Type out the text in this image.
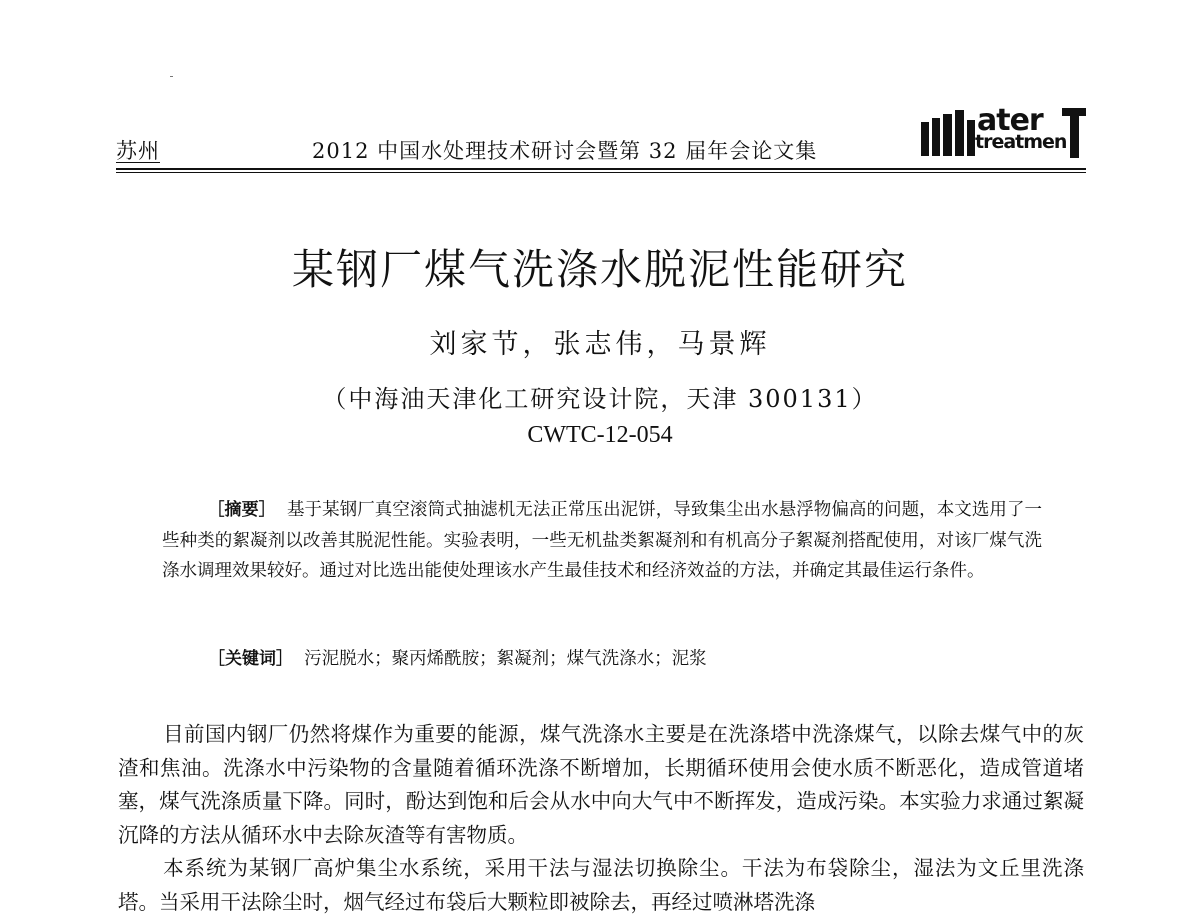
苏州	2012 中国水处理技术研讨会暨第 32 届年会论文集
ater
treatmen
某钢厂煤气洗涤水脱泥性能研究
刘家节，张志伟，马景辉
（中海油天津化工研究设计院，天津 300131）
CWTC-12-054

［摘要］ 基于某钢厂真空滚筒式抽滤机无法正常压出泥饼，导致集尘出水悬浮物偏高的问题，本文选用了一些种类的絮凝剂以改善其脱泥性能。实验表明，一些无机盐类絮凝剂和有机高分子絮凝剂搭配使用，对该厂煤气洗涤水调理效果较好。通过对比选出能使处理该水产生最佳技术和经济效益的方法，并确定其最佳运行条件。

［关键词］ 污泥脱水 ； 聚丙烯酰胺 ； 絮凝剂 ； 煤气洗涤水 ； 泥浆

目前国内钢厂仍然将煤作为重要的能源，煤气洗涤水主要是在洗涤塔中洗涤煤气，以除去煤气中的灰渣和焦油。洗涤水中污染物的含量随着循环洗涤不断增加，长期循环使用会使水质不断恶化，造成管道堵塞，煤气洗涤质量下降。同时，酚达到饱和后会从水中向大气中不断挥发，造成污染。本实验力求通过絮凝沉降的方法从循环水中去除灰渣等有害物质。

本系统为某钢厂高炉集尘水系统，采用干法与湿法切换除尘。干法为布袋除尘，湿法为文丘里洗涤塔。当采用干法除尘时，烟气经过布袋后大颗粒即被除去，再经过喷淋塔洗涤
